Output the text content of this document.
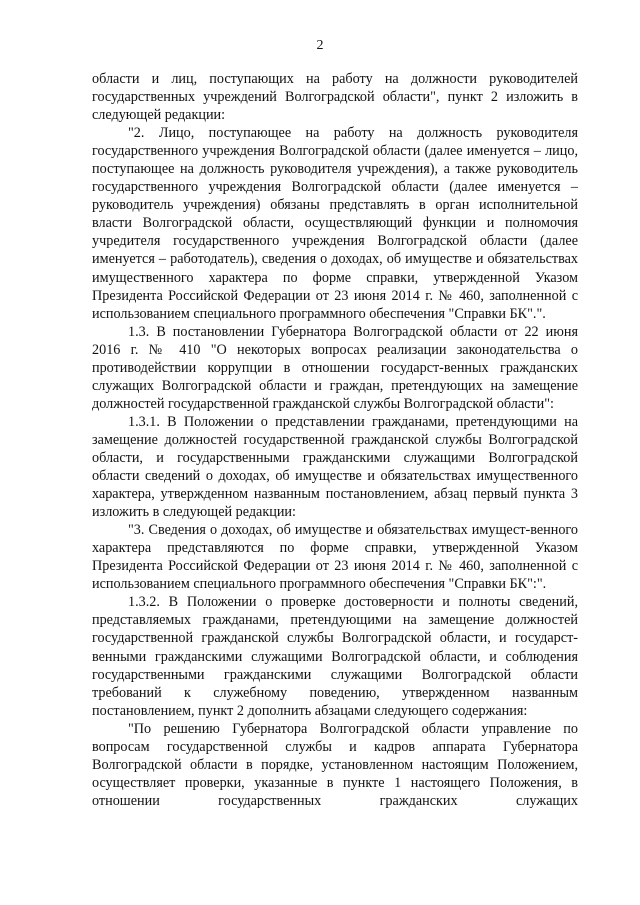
2

области и лиц, поступающих на работу на должности руководителей государственных учреждений Волгоградской области", пункт 2 изложить в следующей редакции:

"2. Лицо, поступающее на работу на должность руководителя государственного учреждения Волгоградской области (далее именуется – лицо, поступающее на должность руководителя учреждения), а также руководитель государственного учреждения Волгоградской области (далее именуется – руководитель учреждения) обязаны представлять в орган исполнительной власти Волгоградской области, осуществляющий функции и полномочия учредителя государственного учреждения Волгоградской области (далее именуется – работодатель), сведения о доходах, об имуществе и обязательствах имущественного характера по форме справки, утвержденной Указом Президента Российской Федерации от 23 июня 2014 г. № 460, заполненной с использованием специального программного обеспечения "Справки БК".".

1.3. В постановлении Губернатора Волгоградской области от 22 июня 2016 г. № 410 "О некоторых вопросах реализации законодательства о противодействии коррупции в отношении государст-венных гражданских служащих Волгоградской области и граждан, претендующих на замещение должностей государственной гражданской службы Волгоградской области":

1.3.1. В Положении о представлении гражданами, претендующими на замещение должностей государственной гражданской службы Волгоградской области, и государственными гражданскими служащими Волгоградской области сведений о доходах, об имуществе и обязательствах имущественного характера, утвержденном названным постановлением, абзац первый пункта 3 изложить в следующей редакции:

"3. Сведения о доходах, об имуществе и обязательствах имущест-венного характера представляются по форме справки, утвержденной Указом Президента Российской Федерации от 23 июня 2014 г. № 460, заполненной с использованием специального программного обеспечения "Справки БК":".

1.3.2. В Положении о проверке достоверности и полноты сведений, представляемых гражданами, претендующими на замещение должностей государственной гражданской службы Волгоградской области, и государст-венными гражданскими служащими Волгоградской области, и соблюдения государственными гражданскими служащими Волгоградской области требований к служебному поведению, утвержденном названным постановлением, пункт 2 дополнить абзацами следующего содержания:

"По решению Губернатора Волгоградской области управление по вопросам государственной службы и кадров аппарата Губернатора Волгоградской области в порядке, установленном настоящим Положением, осуществляет проверки, указанные в пункте 1 настоящего Положения, в отношении государственных гражданских служащих
